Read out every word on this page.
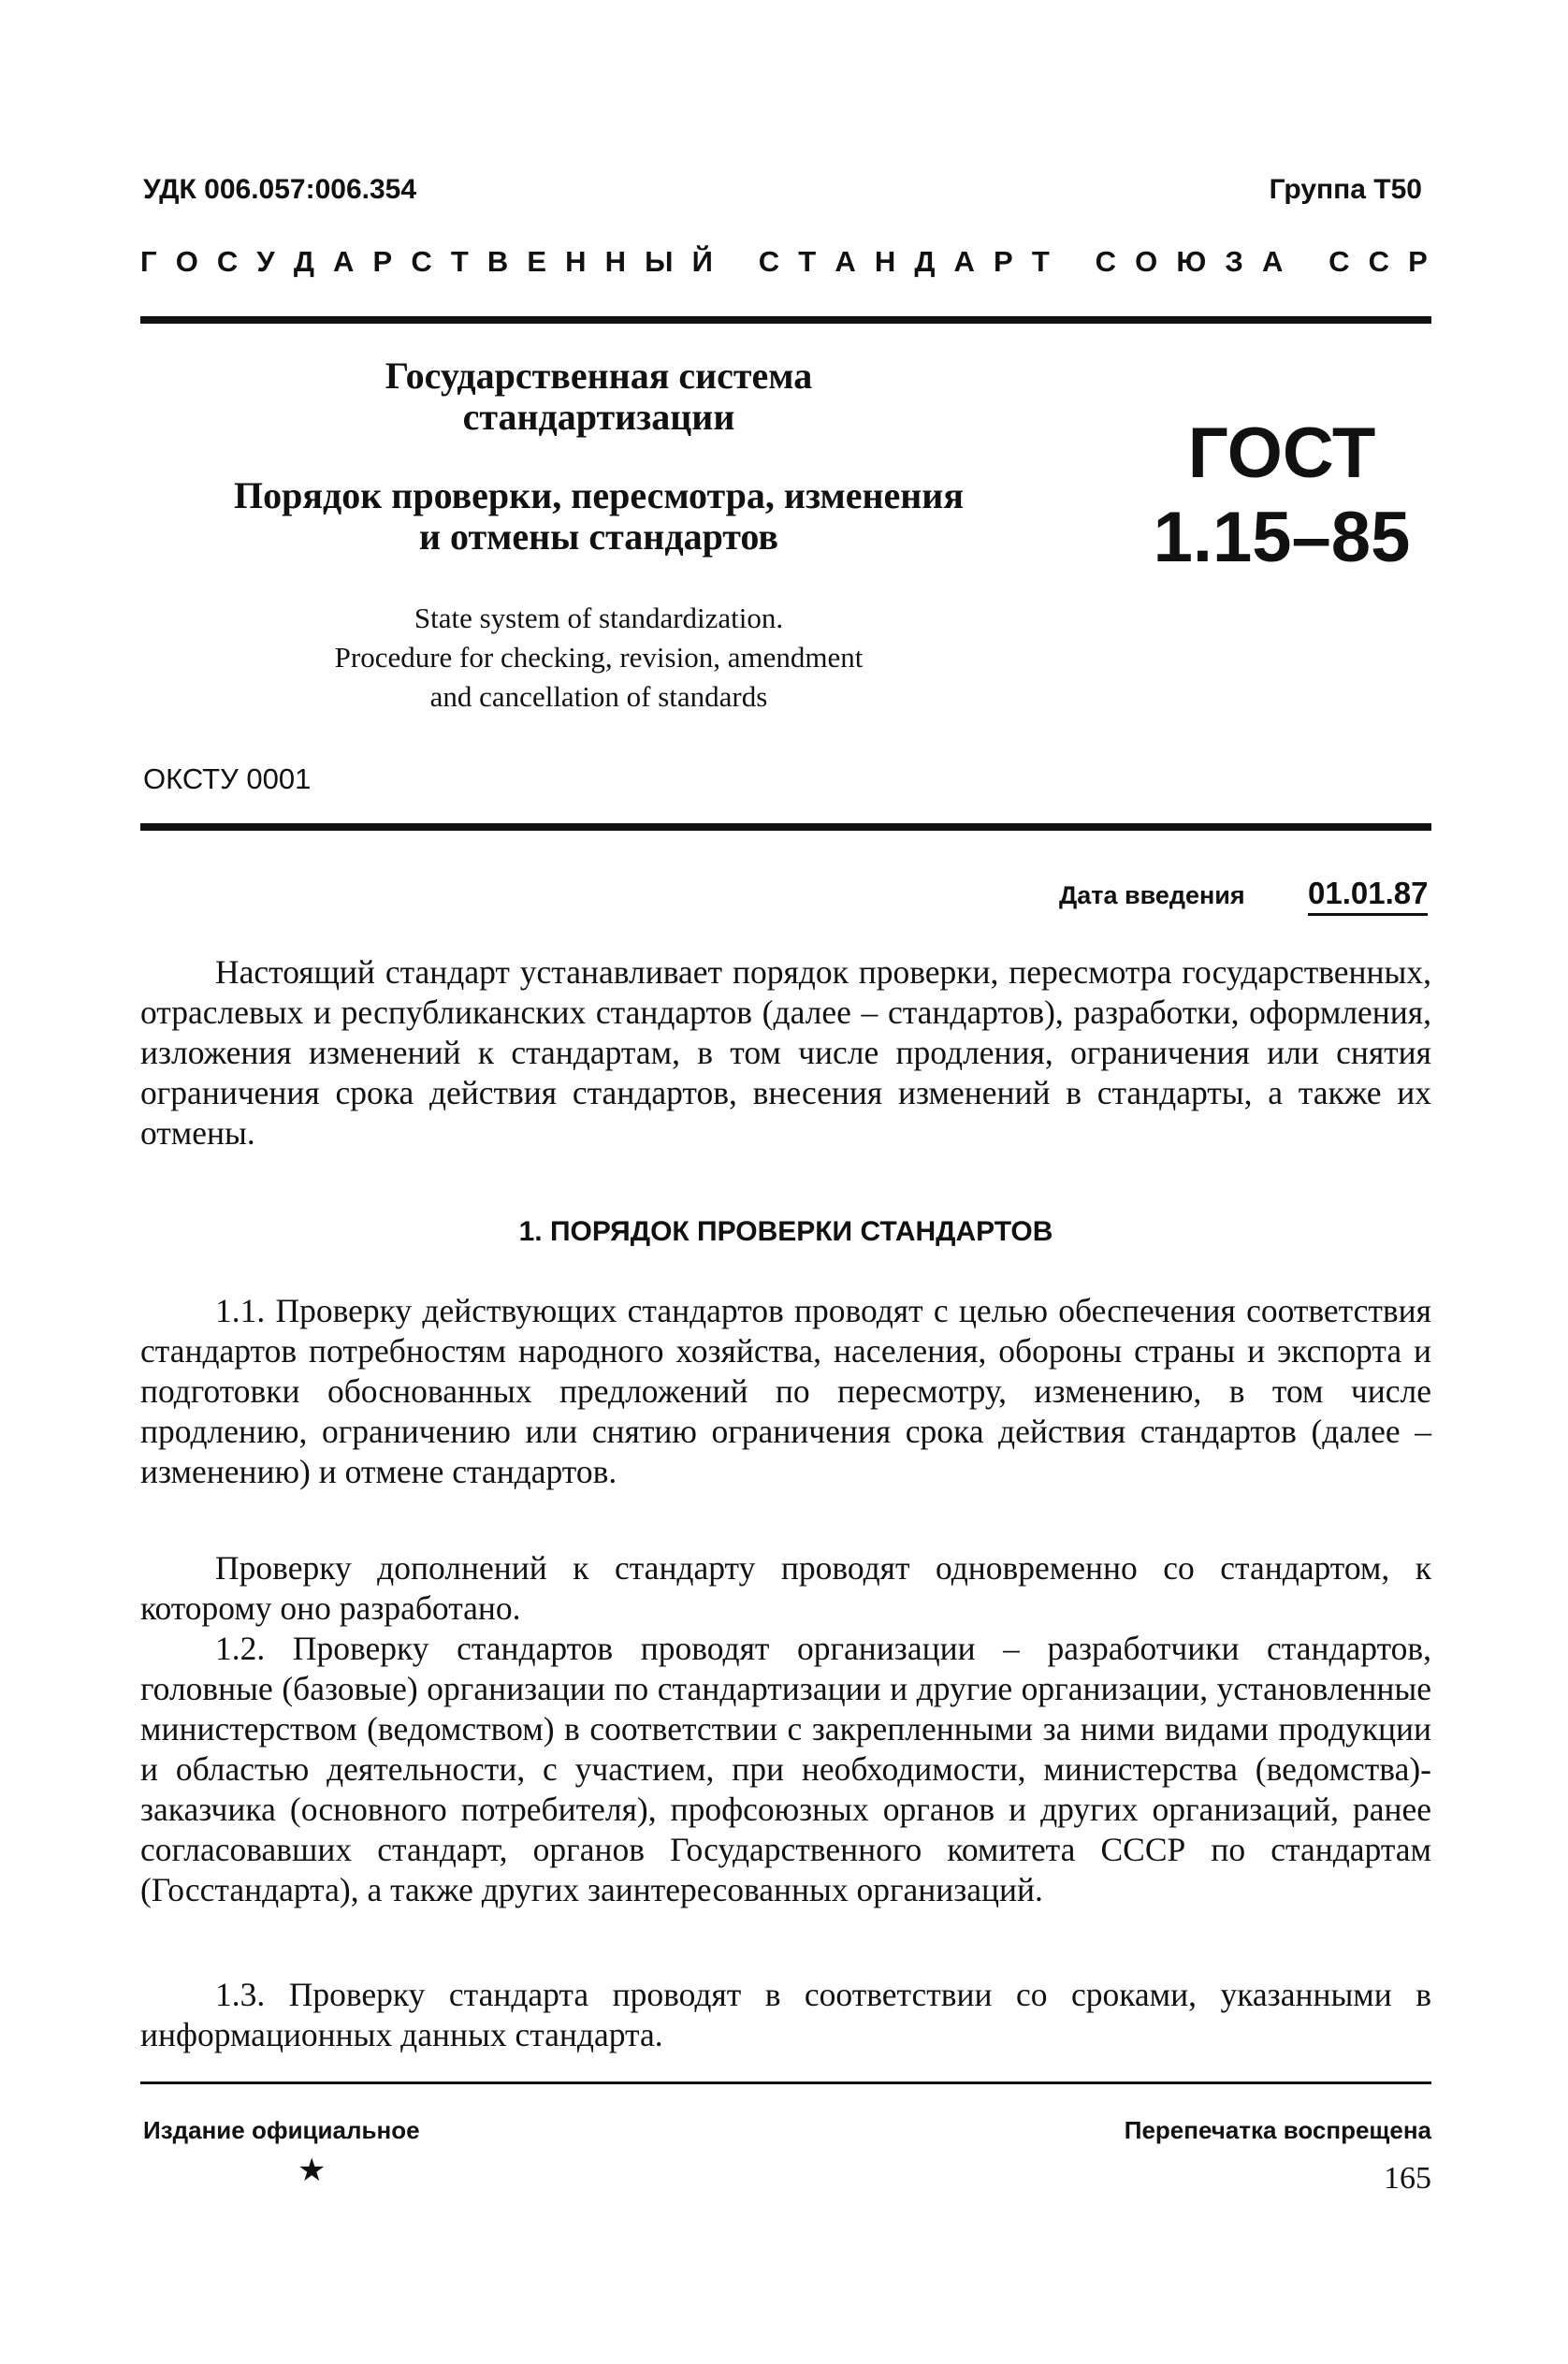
УДК 006.057:006.354	Группа Т50
Г О С У Д А Р С Т В Е Н Н Ы Й
С Т А Н Д А Р Т
С О Ю З А
С С Р
Государственная система
стандартизации
Порядок проверки, пересмотра, изменения
и отмены стандартов
ГОСТ
1.15–85
State system of standardization.
Procedure for checking, revision, amendment
and cancellation of standards
ОКСТУ 0001
Дата введения 01.01.87
Настоящий стандарт устанавливает порядок проверки, пересмотра государственных, отраслевых и республиканских стандартов (далее – стандартов), разработки, оформления, изложения изменений к стандартам, в том числе продления, ограничения или снятия ограничения срока действия стандартов, внесения изменений в стандарты, а также их отмены.
1. ПОРЯДОК ПРОВЕРКИ СТАНДАРТОВ
1.1. Проверку действующих стандартов проводят с целью обеспечения соответствия стандартов потребностям народного хозяйства, населения, обороны страны и экспорта и подготовки обоснованных предложений по пересмотру, изменению, в том числе продлению, ограничению или снятию ограничения срока действия стандартов (далее – изменению) и отмене стандартов.
Проверку дополнений к стандарту проводят одновременно со стандартом, к которому оно разработано.
1.2. Проверку стандартов проводят организации – разработчики стандартов, головные (базовые) организации по стандартизации и другие организации, установленные министерством (ведомством) в соответствии с закрепленными за ними видами продукции и областью деятельности, с участием, при необходимости, министерства (ведомства)-заказчика (основного потребителя), профсоюзных органов и других организаций, ранее согласовавших стандарт, органов Государственного комитета СССР по стандартам (Госстандарта), а также других заинтересованных организаций.
1.3. Проверку стандарта проводят в соответствии со сроками, указанными в информационных данных стандарта.
Издание официальное	Перепечатка воспрещена
★	165
